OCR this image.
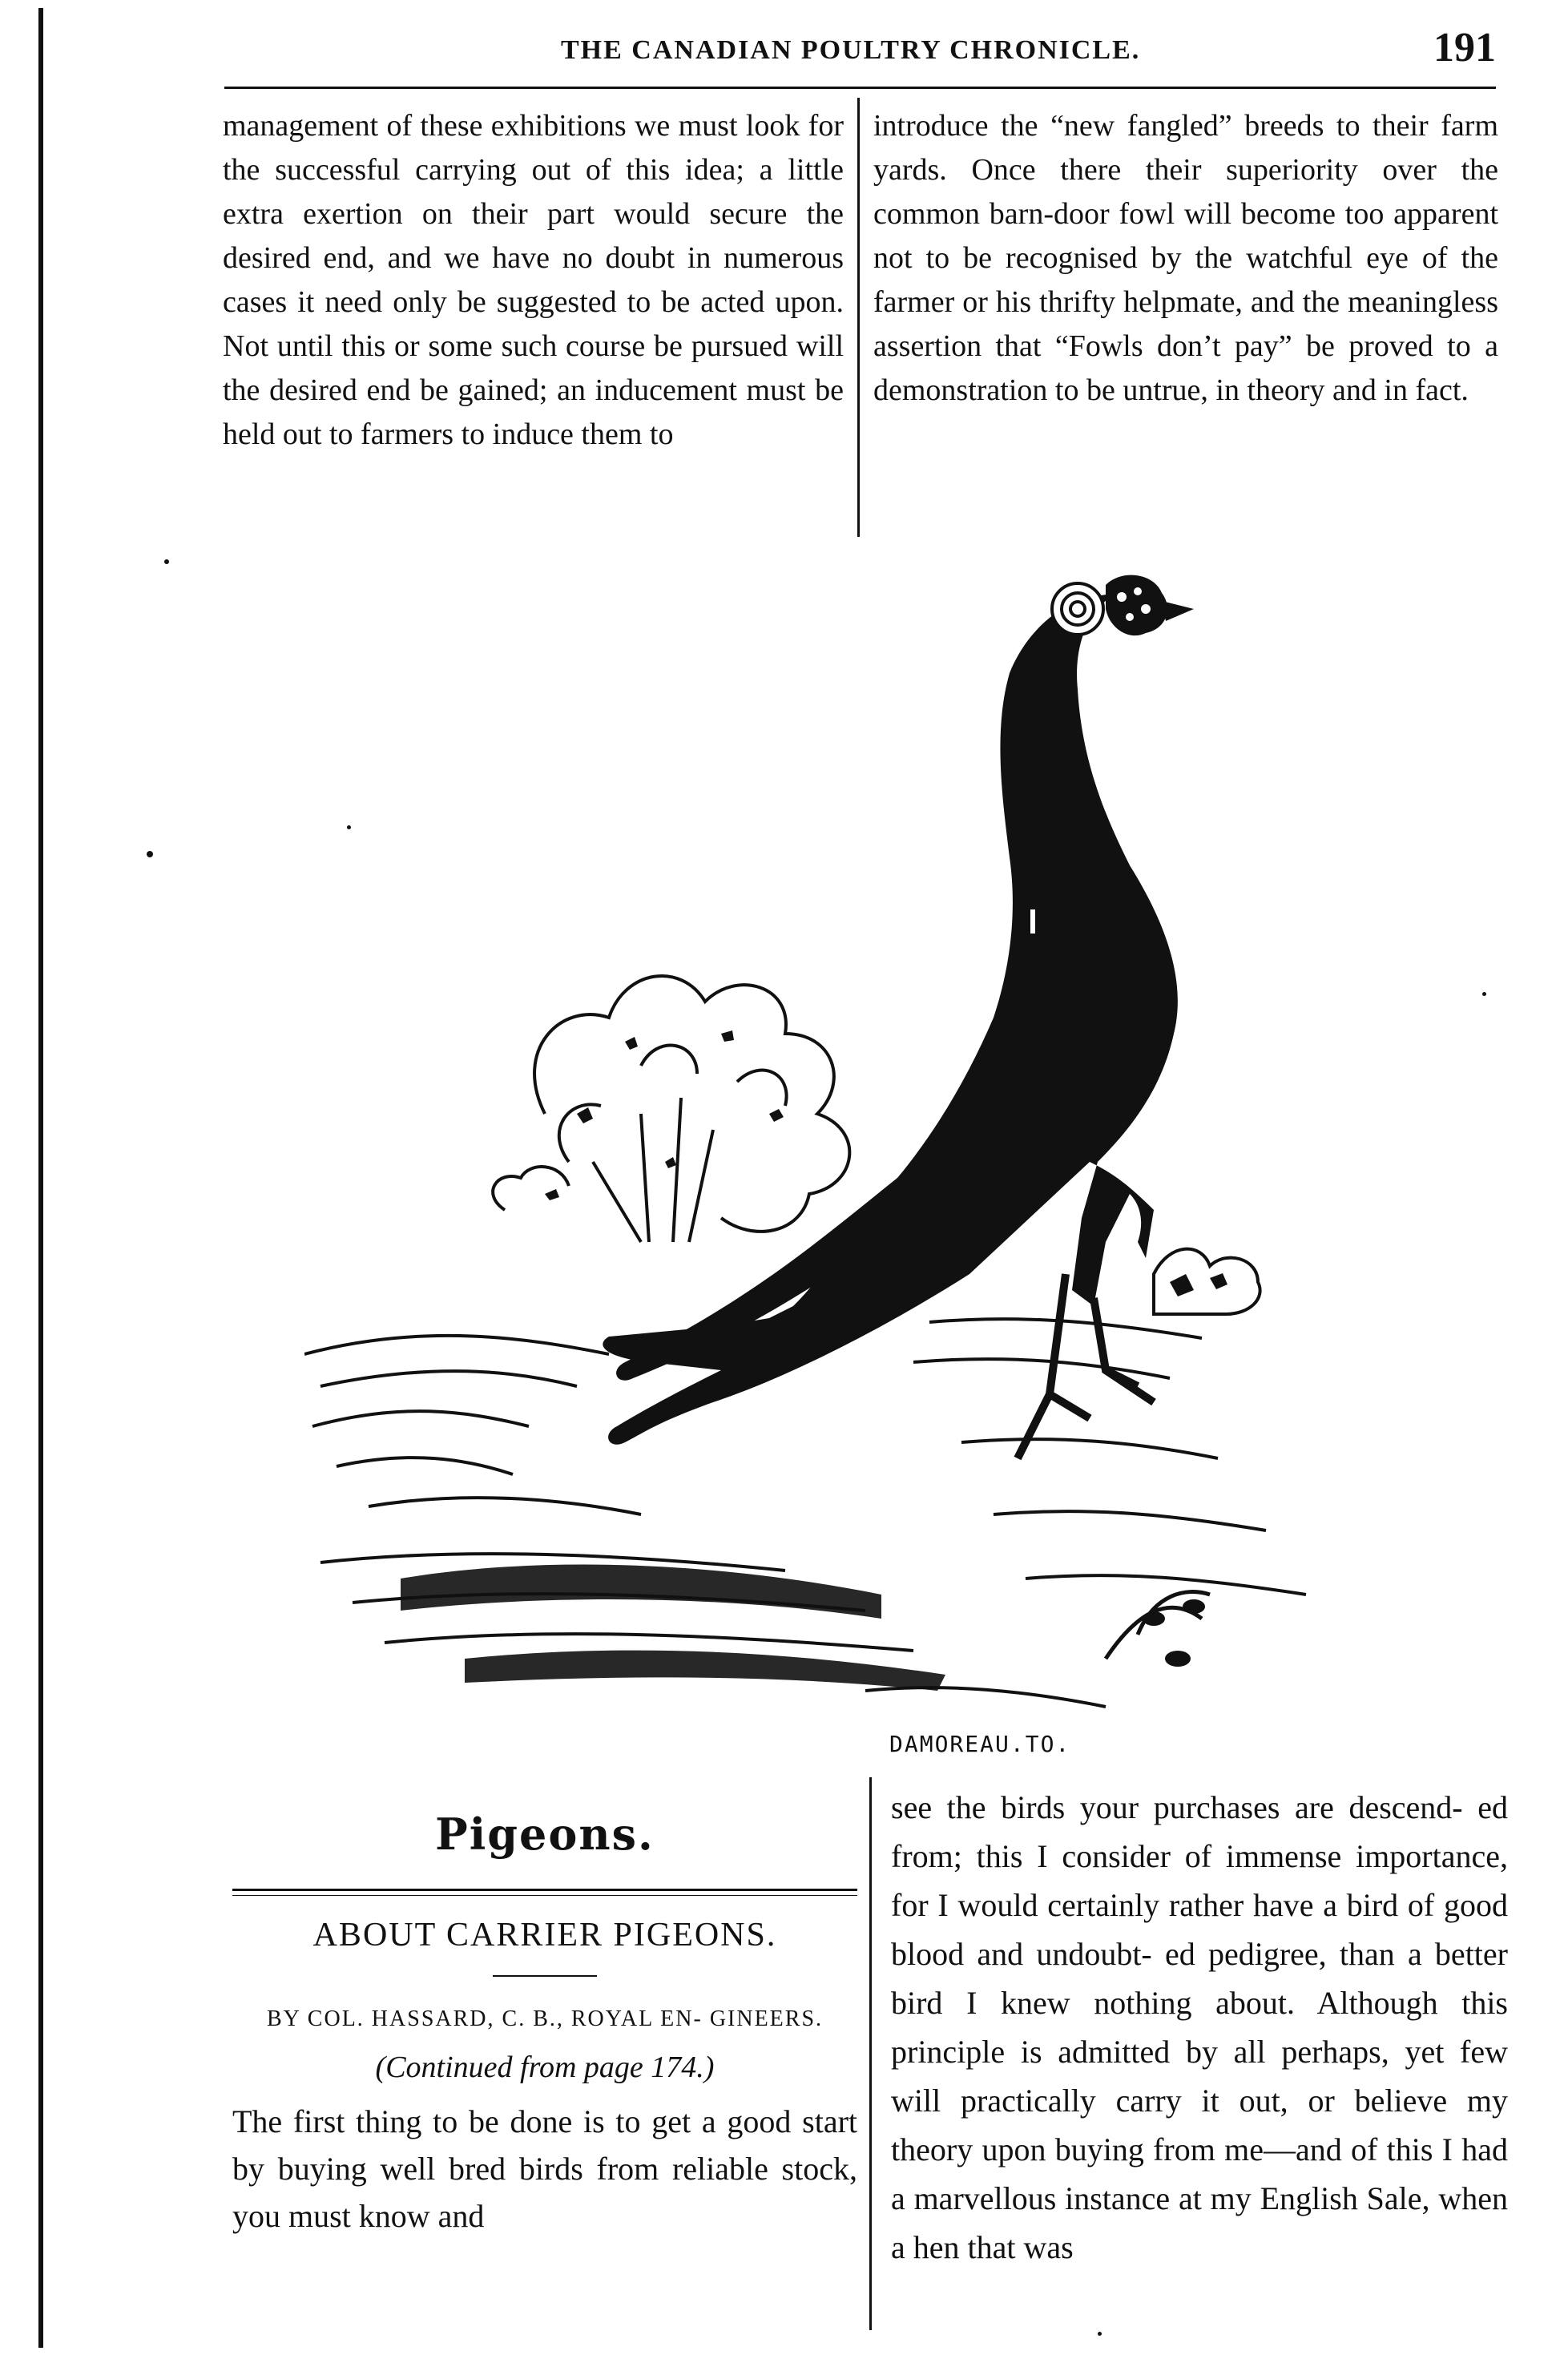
THE CANADIAN POULTRY CHRONICLE.	191

management of these exhibitions we must look for the successful carrying out of this idea; a little extra exertion on their part would secure the desired end, and we have no doubt in numerous cases it need only be suggested to be acted upon. Not until this or some such course be pursued will the desired end be gained; an inducement must be held out to farmers to induce them to

introduce the “new fangled” breeds to their farm yards. Once there their superiority over the common barn-door fowl will become too apparent not to be recognised by the watchful eye of the farmer or his thrifty helpmate, and the meaningless assertion that “Fowls don’t pay” be proved to a demonstration to be untrue, in theory and in fact.

DAMOREAU.TO.
Pigeons.
ABOUT CARRIER PIGEONS.
BY COL. HASSARD, C. B., ROYAL EN- GINEERS.
(Continued from page 174.)
The first thing to be done is to get a good start by buying well bred birds from reliable stock, you must know and

see the birds your purchases are descend- ed from; this I consider of immense importance, for I would certainly rather have a bird of good blood and undoubt- ed pedigree, than a better bird I knew nothing about. Although this principle is admitted by all perhaps, yet few will practically carry it out, or believe my theory upon buying from me—and of this I had a marvellous instance at my English Sale, when a hen that was
